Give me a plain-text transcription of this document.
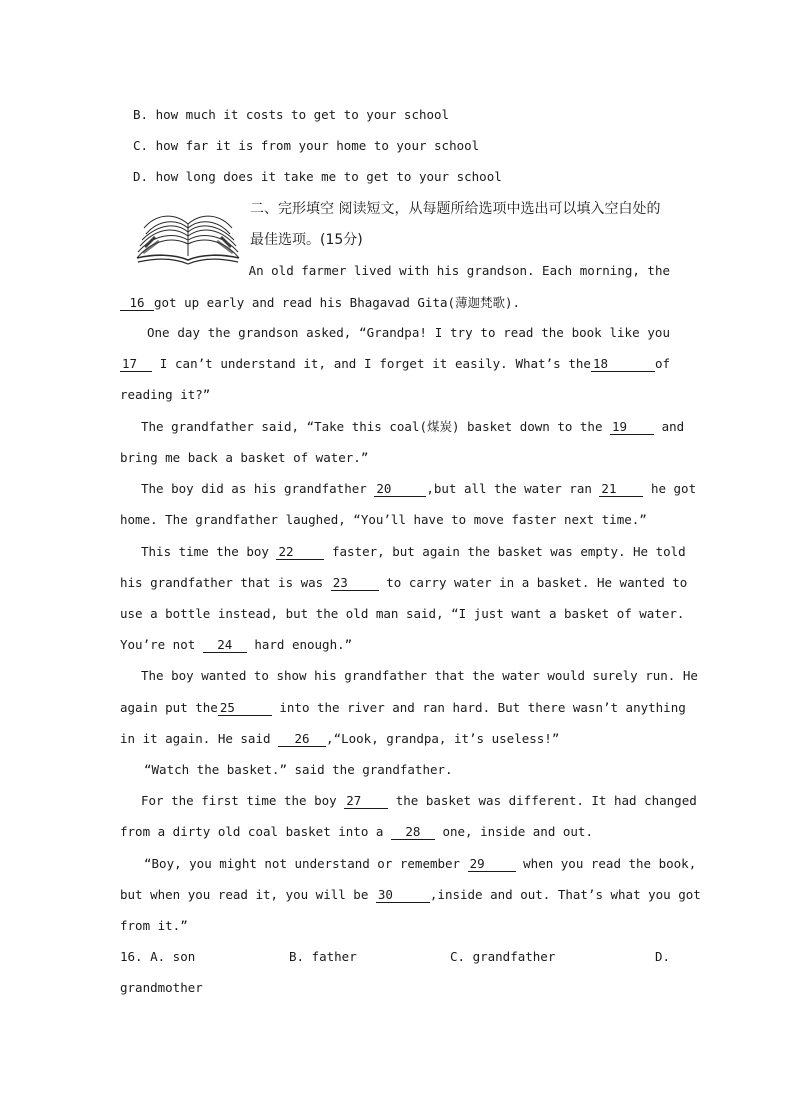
B. how much it costs to get to your school
C. how far it is from your home to your school
D. how long does it take me to get to your school
二、完形填空 阅读短文，从每题所给选项中选出可以填入空白处的
最佳选项。(15分)
An old farmer lived with his grandson. Each morning, the
16 got up early and read his Bhagavad Gita(薄迦梵歌).
One day the grandson asked, “Grandpa! I try to read the book like you
17 I can’t understand it, and I forget it easily. What’s the 18	of
reading it?”
The grandfather said, “Take this coal(煤炭) basket down to the 19	and
bring me back a basket of water.”
The boy did as his grandfather 20	,but all the water ran 21	he got
home. The grandfather laughed, “You’ll have to move faster next time.”
This time the boy 22	faster, but again the basket was empty. He told
his grandfather that is was 23	to carry water in a basket. He wanted to
use a bottle instead, but the old man said, “I just want a basket of water.
You’re not 24 hard enough.”
The boy wanted to show his grandfather that the water would surely run. He
again put the 25	into the river and ran hard. But there wasn’t anything
in it again. He said 26 ,“Look, grandpa, it’s useless!”
“Watch the basket.” said the grandfather.
For the first time the boy 27	the basket was different. It had changed
from a dirty old coal basket into a 28 one, inside and out.
“Boy, you might not understand or remember 29	when you read the book,
but when you read it, you will be 30	,inside and out. That’s what you got
from it.”
16. A. son	B. father	C. grandfather	D.
grandmother
